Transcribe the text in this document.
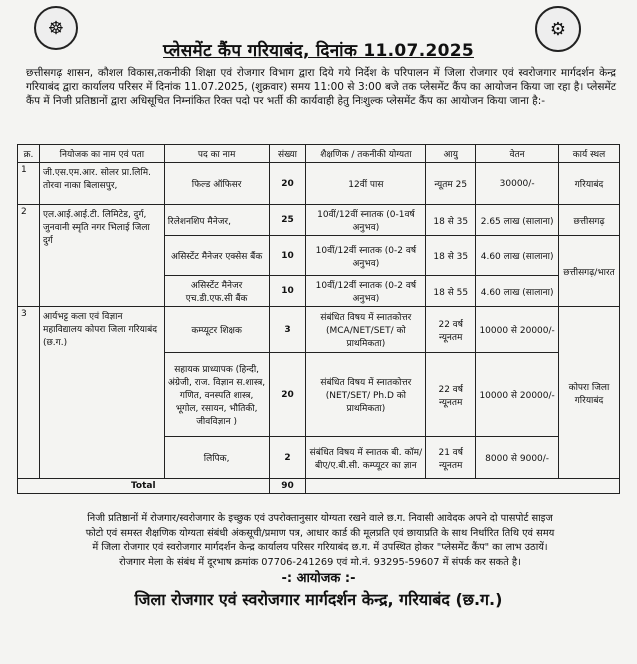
☸	⚙
प्लेसमेंट कैंप गरियाबंद, दिनांक 11.07.2025
छत्तीसगढ़ शासन, कौशल विकास,तकनीकी शिक्षा एवं रोजगार विभाग द्वारा दिये गये निर्देश के परिपालन में जिला रोजगार एवं स्वरोजगार मार्गदर्शन केन्द्र गरियाबंद द्वारा कार्यालय परिसर में दिनांक 11.07.2025, (शुक्रवार) समय 11:00 से 3:00 बजे तक प्लेसमेंट कैंप का आयोजन किया जा रहा है। प्लेसमेंट कैंप में निजी प्रतिष्ठानों द्वारा अधिसूचित निम्नांकित रिक्त पदो पर भर्ती की कार्यवाही हेतु निःशुल्क प्लेसमेंट कैंप का आयोजन किया जाना है:-
क्र.	नियोजक का नाम एवं पता	पद का नाम	संख्या	शैक्षणिक / तकनीकी योग्यता	आयु	वेतन	कार्य स्थल
1	जी.एस.एम.आर. सोलर प्रा.लिमि. तोरवा नाका बिलासपुर,	फिल्ड ऑफिसर	20	12वीं पास	न्यूतम 25	30000/-	गरियाबंद
2	एल.आई.आई.टी. लिमिटेड, दुर्ग, जुनवानी स्मृति नगर भिलाई जिला दुर्ग	रिलेशनशिप मैनेजर,	25	10वीं/12वीं स्नातक (0-1वर्ष अनुभव)	18 से 35	2.65 लाख (सालाना)	छत्तीसगढ़
		असिस्टेंट मैनेजर एक्सेस बैंक	10	10वीं/12वीं स्नातक (0-2 वर्ष अनुभव)	18 से 35	4.60 लाख (सालाना)	छत्तीसगढ़/भारत
		असिस्टेंट मैनेजर एच.डी.एफ.सी बैंक	10	10वीं/12वीं स्नातक (0-2 वर्ष अनुभव)	18 से 55	4.60 लाख (सालाना)	
3	आर्यभट्ट कला एवं विज्ञान महाविद्यालय कोपरा जिला गरियाबंद (छ.ग.)	कम्प्यूटर शिक्षक	3	संबंधित विषय में स्नातकोत्तर (MCA/NET/SET/ को प्राथमिकता)	22 वर्ष न्यूनतम	10000 से 20000/-	कोपरा जिला गरियाबंद
		सहायक प्राध्यापक (हिन्दी, अंग्रेजी, राज. विज्ञान स.शास्त्र, गणित, वनस्पति शास्त्र, भूगोल, रसायन, भौतिकी, जीवविज्ञान )	20	संबंधित विषय में स्नातकोत्तर (NET/SET/ Ph.D को प्राथमिकता)	22 वर्ष न्यूनतम	10000 से 20000/-	
		लिपिक,	2	संबंधित विषय में स्नातक बी. कॉम/बीए/ए.बी.सी. कम्प्यूटर का ज्ञान	21 वर्ष न्यूनतम	8000 से 9000/-	
Total			90				
निजी प्रतिष्ठानों में रोजगार/स्वरोजगार के इच्छुक एवं उपरोक्तानुसार योग्यता रखने वाले छ.ग. निवासी आवेदक अपने दो पासपोर्ट साइज
फोटो एवं समस्त शैक्षणिक योग्यता संबंधी अंकसूची/प्रमाण पत्र, आधार कार्ड की मूलप्रति एवं छायाप्रति के साथ निर्धारित तिथि एवं समय
में जिला रोजगार एवं स्वरोजगार मार्गदर्शन केन्द्र कार्यालय परिसर गरियाबंद छ.ग. में उपस्थित होकर "प्लेसमेंट कैंप" का लाभ उठायें।
रोजगार मेला के संबंध में दूरभाष क्रमांक 07706-241269 एवं मो.नं. 93295-59607 में संपर्क कर सकते है।
-: आयोजक :-
जिला रोजगार एवं स्वरोजगार मार्गदर्शन केन्द्र, गरियाबंद (छ.ग.)
